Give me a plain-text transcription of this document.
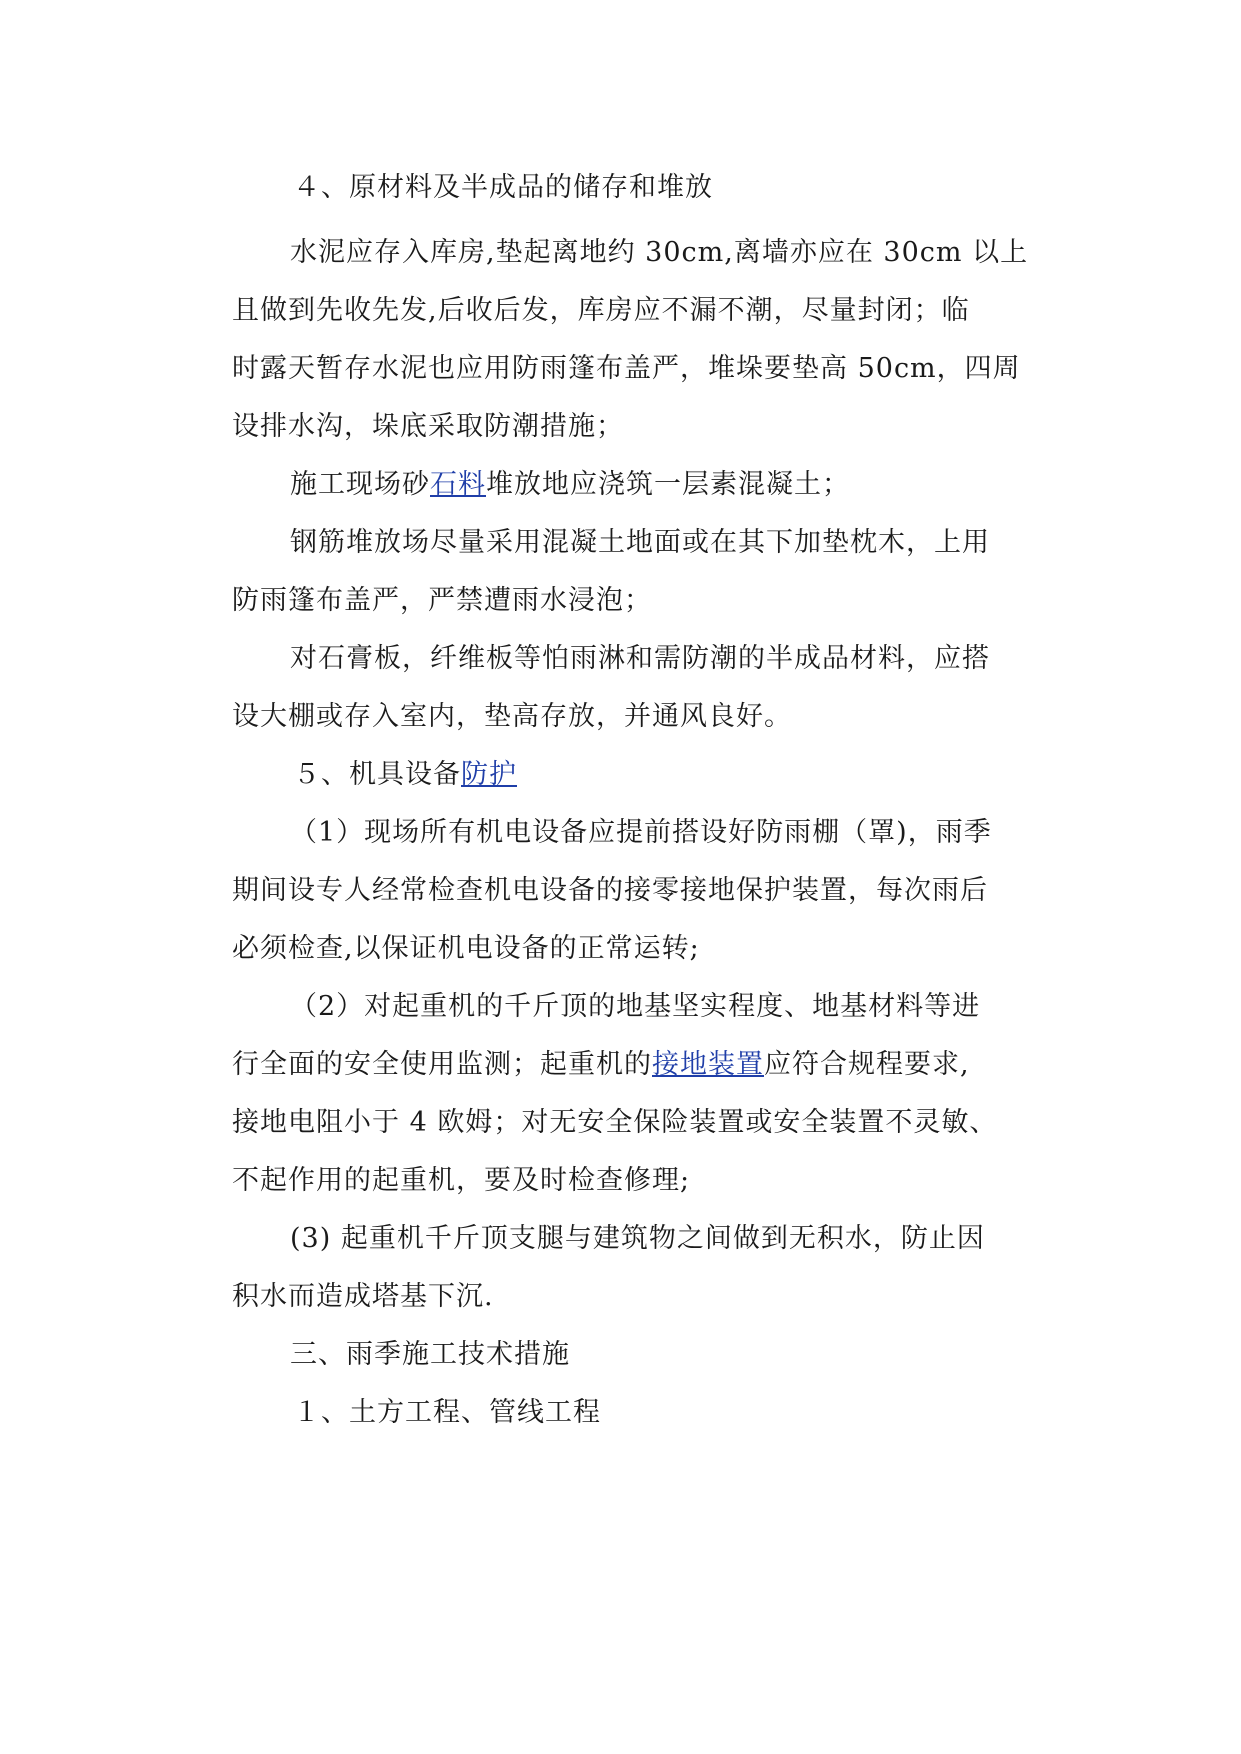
４、原材料及半成品的储存和堆放
水泥应存入库房,垫起离地约 30cm,离墙亦应在 30cm 以上
且做到先收先发,后收后发，库房应不漏不潮，尽量封闭；临
时露天暂存水泥也应用防雨篷布盖严，堆垛要垫高 50cm，四周
设排水沟，垛底采取防潮措施；
施工现场砂石料堆放地应浇筑一层素混凝土；
钢筋堆放场尽量采用混凝土地面或在其下加垫枕木，上用
防雨篷布盖严，严禁遭雨水浸泡；
对石膏板，纤维板等怕雨淋和需防潮的半成品材料，应搭
设大棚或存入室内，垫高存放，并通风良好。
５、机具设备防护
（1）现场所有机电设备应提前搭设好防雨棚（罩)，雨季
期间设专人经常检查机电设备的接零接地保护装置，每次雨后
必须检查,以保证机电设备的正常运转;
（2）对起重机的千斤顶的地基坚实程度、地基材料等进
行全面的安全使用监测；起重机的接地装置应符合规程要求,
接地电阻小于 4 欧姆；对无安全保险装置或安全装置不灵敏、
不起作用的起重机，要及时检查修理;
(3) 起重机千斤顶支腿与建筑物之间做到无积水，防止因
积水而造成塔基下沉.
三、雨季施工技术措施
１、土方工程、管线工程
